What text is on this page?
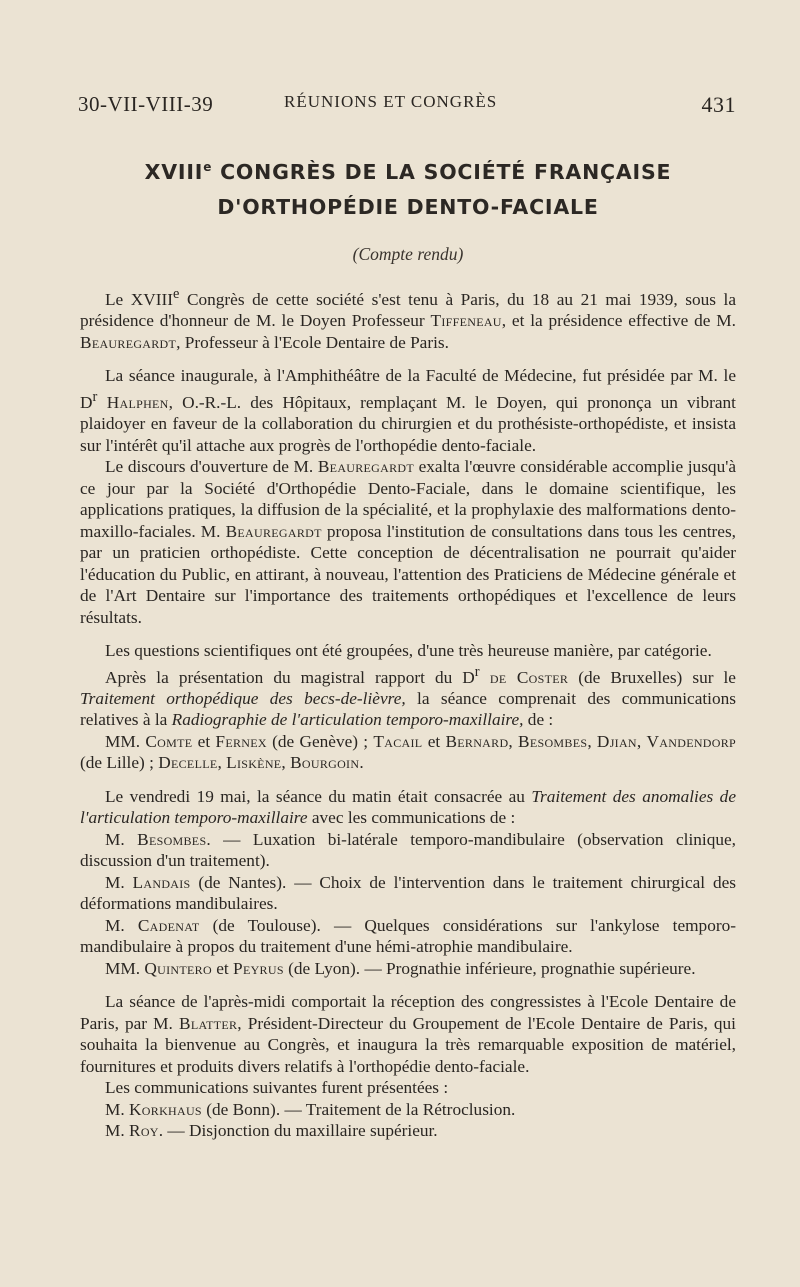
30-VII-VIII-39	RÉUNIONS ET CONGRÈS	431
XVIIIe CONGRÈS DE LA SOCIÉTÉ FRANÇAISE
D'ORTHOPÉDIE DENTO-FACIALE
(Compte rendu)

Le XVIIIe Congrès de cette société s'est tenu à Paris, du 18 au 21 mai 1939, sous la présidence d'honneur de M. le Doyen Professeur Tiffeneau, et la présidence effective de M. Beauregardt, Professeur à l'Ecole Dentaire de Paris.

La séance inaugurale, à l'Amphithéâtre de la Faculté de Médecine, fut présidée par M. le $D^r$ Halphen, O.-R.-L. des Hôpitaux, remplaçant M. le Doyen, qui prononça un vibrant plaidoyer en faveur de la collaboration du chirurgien et du prothésiste-orthopédiste, et insista sur l'intérêt qu'il attache aux progrès de l'orthopédie dento-faciale.

Le discours d'ouverture de M. Beauregardt exalta l'œuvre considérable accomplie jusqu'à ce jour par la Société d'Orthopédie Dento-Faciale, dans le domaine scientifique, les applications pratiques, la diffusion de la spécialité, et la prophylaxie des malformations dento-maxillo-faciales. M. Beauregardt proposa l'institution de consultations dans tous les centres, par un praticien orthopédiste. Cette conception de décentralisation ne pourrait qu'aider l'éducation du Public, en attirant, à nouveau, l'attention des Praticiens de Médecine générale et de l'Art Dentaire sur l'importance des traitements orthopédiques et l'excellence de leurs résultats.

Les questions scientifiques ont été groupées, d'une très heureuse manière, par catégorie.

Après la présentation du magistral rapport du $D^r$ de Coster (de Bruxelles) sur le Traitement orthopédique des becs-de-lièvre, la séance comprenait des communications relatives à la Radiographie de l'articulation temporo-maxillaire, de :

MM. Comte et Fernex (de Genève) ; Tacail et Bernard, Besombes, Djian, Vandendorp (de Lille) ; Decelle, Liskène, Bourgoin.

Le vendredi 19 mai, la séance du matin était consacrée au Traitement des anomalies de l'articulation temporo-maxillaire avec les communications de :

M. Besombes. — Luxation bi-latérale temporo-mandibulaire (observation clinique, discussion d'un traitement).

M. Landais (de Nantes). — Choix de l'intervention dans le traitement chirurgical des déformations mandibulaires.

M. Cadenat (de Toulouse). — Quelques considérations sur l'ankylose temporo-mandibulaire à propos du traitement d'une hémi-atrophie mandibulaire.

MM. Quintero et Peyrus (de Lyon). — Prognathie inférieure, prognathie supérieure.

La séance de l'après-midi comportait la réception des congressistes à l'Ecole Dentaire de Paris, par M. Blatter, Président-Directeur du Groupement de l'Ecole Dentaire de Paris, qui souhaita la bienvenue au Congrès, et inaugura la très remarquable exposition de matériel, fournitures et produits divers relatifs à l'orthopédie dento-faciale.

Les communications suivantes furent présentées :

M. Korkhaus (de Bonn). — Traitement de la Rétroclusion.

M. Roy. — Disjonction du maxillaire supérieur.
